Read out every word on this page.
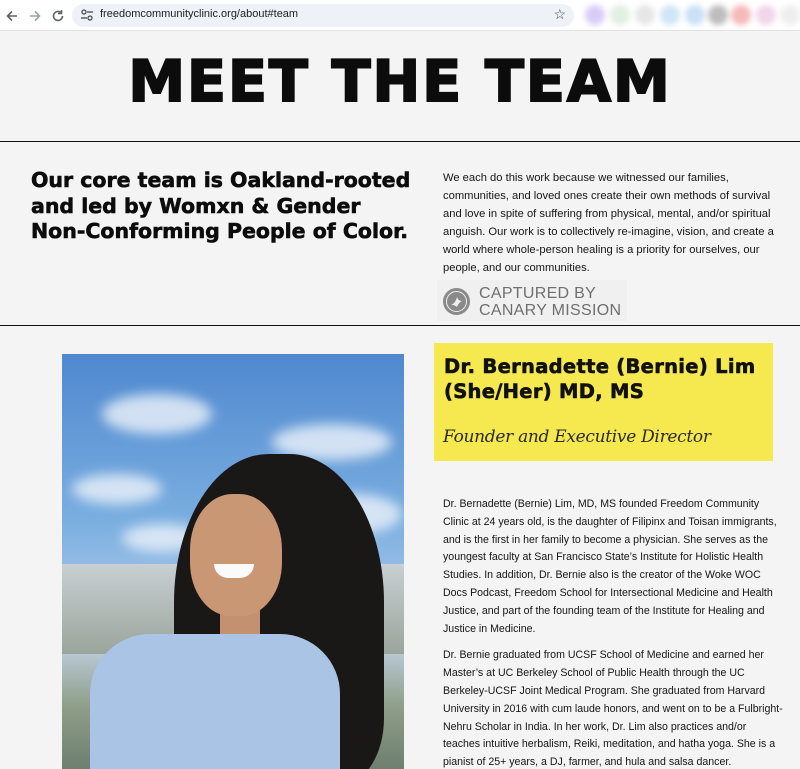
freedomcommunityclinic.org/about#team	☆
MEET THE TEAM
Our core team is Oakland-rooted and led by Womxn & Gender Non-Conforming People of Color.

We each do this work because we witnessed our families, communities, and loved ones create their own methods of survival and love in spite of suffering from physical, mental, and/or spiritual anguish. Our work is to collectively re-imagine, vision, and create a world where whole-person healing is a priority for ourselves, our people, and our communities.

CAPTURED BY
CANARY MISSION
Dr. Bernadette (Bernie) Lim (She/Her) MD, MS
Founder and Executive Director

Dr. Bernadette (Bernie) Lim, MD, MS founded Freedom Community Clinic at 24 years old, is the daughter of Filipinx and Toisan immigrants, and is the first in her family to become a physician. She serves as the youngest faculty at San Francisco State’s Institute for Holistic Health Studies. In addition, Dr. Bernie also is the creator of the Woke WOC Docs Podcast, Freedom School for Intersectional Medicine and Health Justice, and part of the founding team of the Institute for Healing and Justice in Medicine.

Dr. Bernie graduated from UCSF School of Medicine and earned her Master’s at UC Berkeley School of Public Health through the UC Berkeley-UCSF Joint Medical Program. She graduated from Harvard University in 2016 with cum laude honors, and went on to be a Fulbright-Nehru Scholar in India. In her work, Dr. Lim also practices and/or teaches intuitive herbalism, Reiki, meditation, and hatha yoga. She is a pianist of 25+ years, a DJ, farmer, and hula and salsa dancer.
